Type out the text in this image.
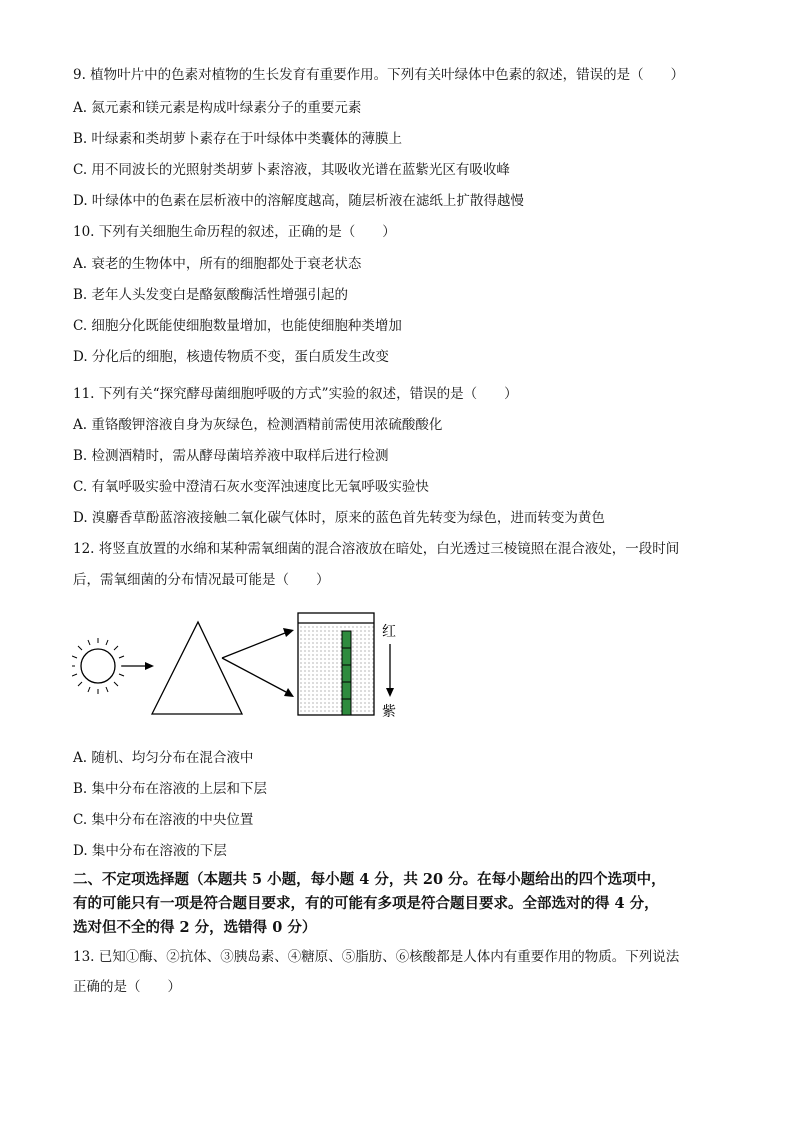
9. 植物叶片中的色素对植物的生长发育有重要作用。下列有关叶绿体中色素的叙述，错误的是（　　）
A. 氮元素和镁元素是构成叶绿素分子的重要元素
B. 叶绿素和类胡萝卜素存在于叶绿体中类囊体的薄膜上
C. 用不同波长的光照射类胡萝卜素溶液，其吸收光谱在蓝紫光区有吸收峰
D. 叶绿体中的色素在层析液中的溶解度越高，随层析液在滤纸上扩散得越慢
10. 下列有关细胞生命历程的叙述，正确的是（　　）
A. 衰老的生物体中，所有的细胞都处于衰老状态
B. 老年人头发变白是酪氨酸酶活性增强引起的
C. 细胞分化既能使细胞数量增加，也能使细胞种类增加
D. 分化后的细胞，核遗传物质不变，蛋白质发生改变
11. 下列有关“探究酵母菌细胞呼吸的方式”实验的叙述，错误的是（　　）
A. 重铬酸钾溶液自身为灰绿色，检测酒精前需使用浓硫酸酸化
B. 检测酒精时，需从酵母菌培养液中取样后进行检测
C. 有氧呼吸实验中澄清石灰水变浑浊速度比无氧呼吸实验快
D. 溴麝香草酚蓝溶液接触二氧化碳气体时，原来的蓝色首先转变为绿色，进而转变为黄色
12. 将竖直放置的水绵和某种需氧细菌的混合溶液放在暗处，白光透过三棱镜照在混合液处，一段时间
后，需氧细菌的分布情况最可能是（　　）
红
紫
A. 随机、均匀分布在混合液中
B. 集中分布在溶液的上层和下层
C. 集中分布在溶液的中央位置
D. 集中分布在溶液的下层
二、不定项选择题（本题共 5 小题，每小题 4 分，共 20 分。在每小题给出的四个选项中，
有的可能只有一项是符合题目要求，有的可能有多项是符合题目要求。全部选对的得 4 分，
选对但不全的得 2 分，选错得 0 分）
13. 已知①酶、②抗体、③胰岛素、④糖原、⑤脂肪、⑥核酸都是人体内有重要作用的物质。下列说法
正确的是（　　）
